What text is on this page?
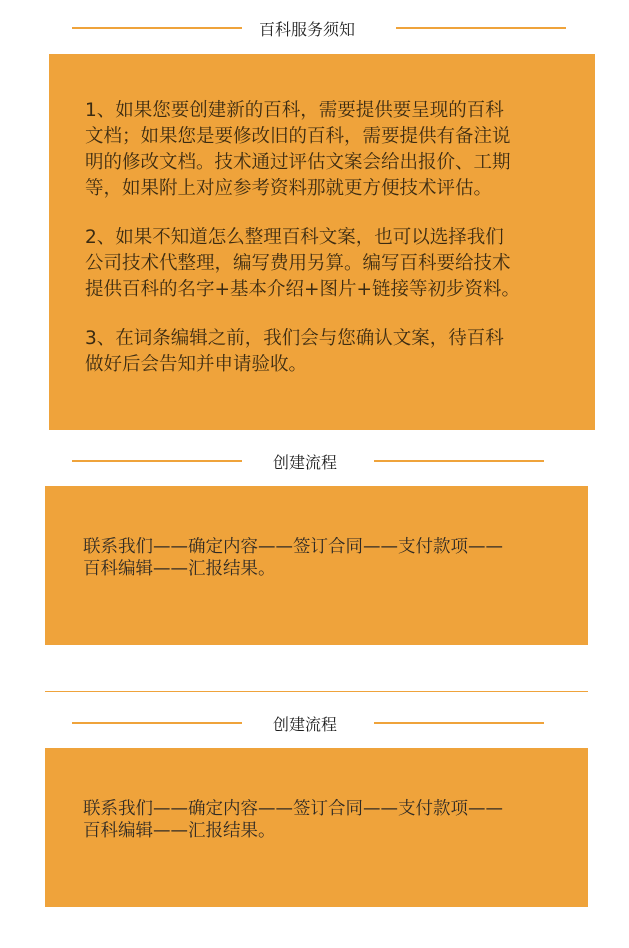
百科服务须知

1、如果您要创建新的百科，需要提供要呈现的百科
文档；如果您是要修改旧的百科，需要提供有备注说
明的修改文档。技术通过评估文案会给出报价、工期
等，如果附上对应参考资料那就更方便技术评估。

2、如果不知道怎么整理百科文案，也可以选择我们
公司技术代整理，编写费用另算。编写百科要给技术
提供百科的名字+基本介绍+图片+链接等初步资料。

3、在词条编辑之前，我们会与您确认文案，待百科
做好后会告知并申请验收。

创建流程

联系我们——确定内容——签订合同——支付款项——
百科编辑——汇报结果。

创建流程

联系我们——确定内容——签订合同——支付款项——
百科编辑——汇报结果。
